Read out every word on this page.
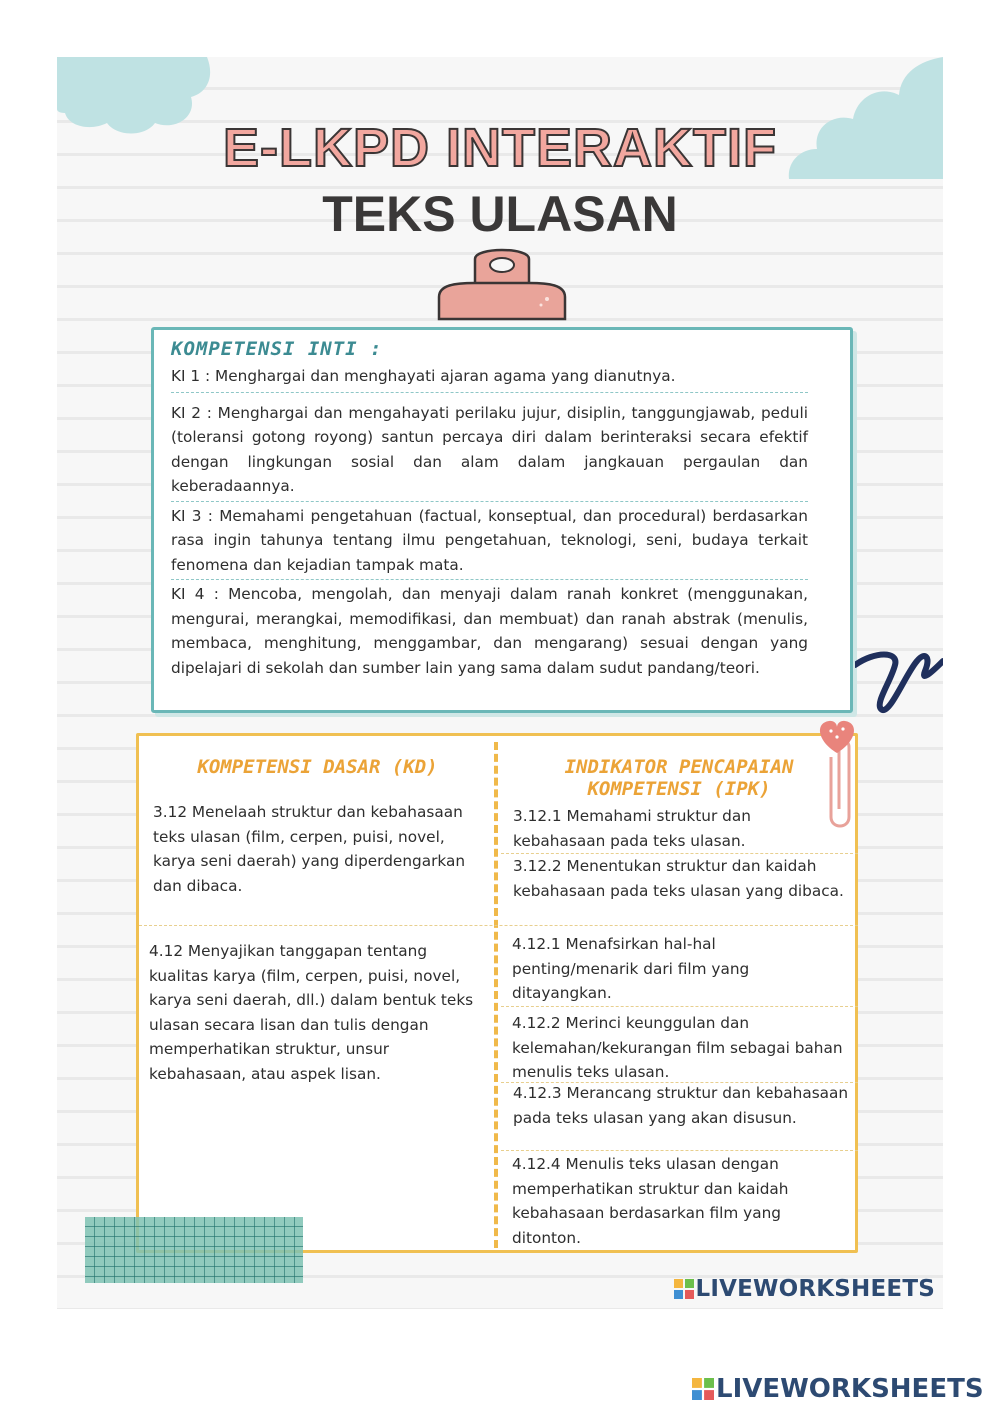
E-LKPD INTERAKTIF
TEKS ULASAN
KOMPETENSI INTI :
KI 1 : Menghargai dan menghayati ajaran agama yang dianutnya.
KI 2 : Menghargai dan mengahayati perilaku jujur, disiplin, tanggungjawab, peduli (toleransi gotong royong) santun percaya diri dalam berinteraksi secara efektif dengan lingkungan sosial dan alam dalam jangkauan pergaulan dan keberadaannya.
KI 3 : Memahami pengetahuan (factual, konseptual, dan procedural) berdasarkan rasa ingin tahunya tentang ilmu pengetahuan, teknologi, seni, budaya terkait fenomena dan kejadian tampak mata.
KI 4 : Mencoba, mengolah, dan menyaji dalam ranah konkret (menggunakan, mengurai, merangkai, memodifikasi, dan membuat) dan ranah abstrak (menulis, membaca, menghitung, menggambar, dan mengarang) sesuai dengan yang dipelajari di sekolah dan sumber lain yang sama dalam sudut pandang/teori.
KOMPETENSI DASAR (KD)	INDIKATOR PENCAPAIAN
KOMPETENSI (IPK)
3.12 Menelaah struktur dan kebahasaan teks ulasan (film, cerpen, puisi, novel, karya seni daerah) yang diperdengarkan dan dibaca.
4.12 Menyajikan tanggapan tentang kualitas karya (film, cerpen, puisi, novel, karya seni daerah, dll.) dalam bentuk teks ulasan secara lisan dan tulis dengan memperhatikan struktur, unsur kebahasaan, atau aspek lisan.
3.12.1 Memahami struktur dan kebahasaan pada teks ulasan.
3.12.2 Menentukan struktur dan kaidah kebahasaan pada teks ulasan yang dibaca.
4.12.1 Menafsirkan hal-hal penting/menarik dari film yang ditayangkan.
4.12.2 Merinci keunggulan dan kelemahan/kekurangan film sebagai bahan menulis teks ulasan.
4.12.3 Merancang struktur dan kebahasaan pada teks ulasan yang akan disusun.
4.12.4 Menulis teks ulasan dengan memperhatikan struktur dan kaidah kebahasaan berdasarkan film yang ditonton.
LIVEWORKSHEETS
LIVEWORKSHEETS
